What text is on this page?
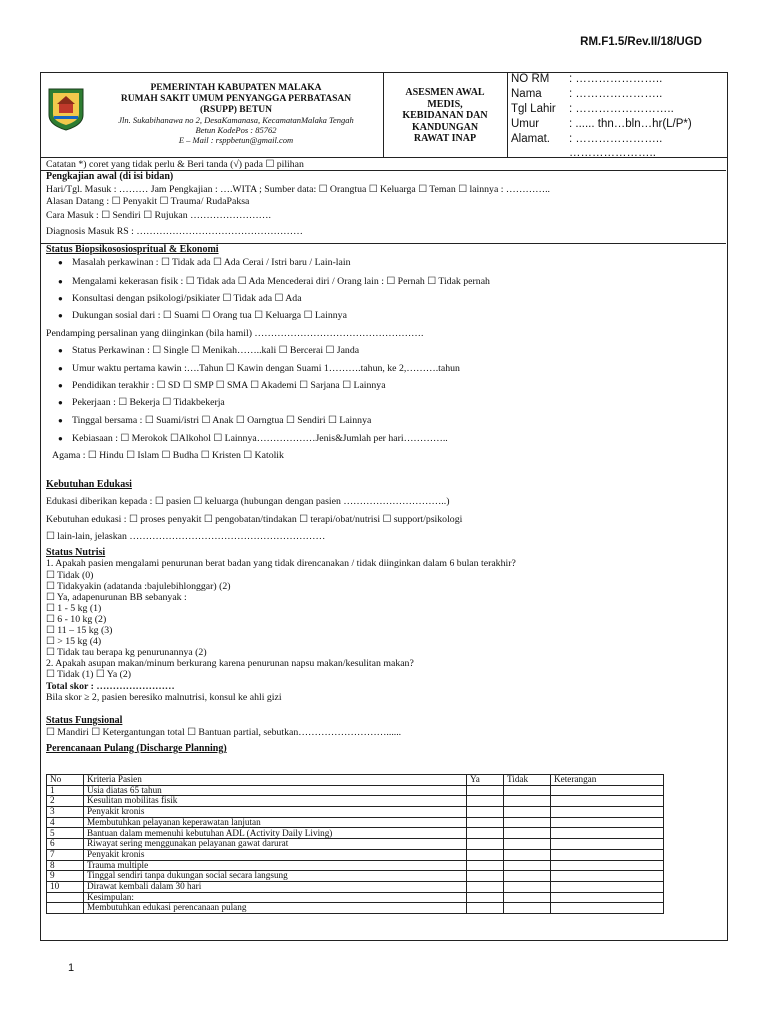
RM.F1.5/Rev.II/18/UGD
PEMERINTAH KABUPATEN MALAKA
RUMAH SAKIT UMUM PENYANGGA PERBATASAN
(RSUPP) BETUN
Jln. Sukabihanawa no 2, DesaKamanasa, KecamatanMalaka Tengah
Betun KodePos : 85762
E – Mail : rsppbetun@gmail.com
ASESMEN AWAL
MEDIS,
KEBIDANAN DAN
KANDUNGAN
RAWAT INAP
NO RM : …………………..
Nama : …………………..
Tgl Lahir : ……………………..
Umur	: ...... thn…bln…hr(L/P*)
Alamat. : …………………..
…………………..
Catatan *) coret yang tidak perlu & Beri tanda (√) pada ☐ pilihan
Pengkajian awal (di isi bidan)
Hari/Tgl. Masuk : ……… Jam Pengkajian : ….WITA ; Sumber data: ☐ Orangtua ☐ Keluarga ☐ Teman ☐ lainnya : …………..
Alasan Datang : ☐ Penyakit ☐ Trauma/ RudaPaksa
Cara Masuk : ☐ Sendiri ☐ Rujukan …………………….
Diagnosis Masuk RS : ……………………………………………
Status Biopsikososiospritual & Ekonomi
● Masalah perkawinan : ☐ Tidak ada ☐ Ada Cerai / Istri baru / Lain-lain
● Mengalami kekerasan fisik : ☐ Tidak ada ☐ Ada Mencederai diri / Orang lain : ☐ Pernah ☐ Tidak pernah
● Konsultasi dengan psikologi/psikiater ☐ Tidak ada ☐ Ada
● Dukungan sosial dari : ☐ Suami ☐ Orang tua ☐ Keluarga ☐ Lainnya
Pendamping persalinan yang diinginkan (bila hamil) …………………………………………….
● Status Perkawinan : ☐ Single ☐ Menikah……..kali ☐ Bercerai ☐ Janda
● Umur waktu pertama kawin :….Tahun ☐ Kawin dengan Suami 1……….tahun, ke 2,……….tahun
● Pendidikan terakhir : ☐ SD ☐ SMP ☐ SMA ☐ Akademi ☐ Sarjana ☐ Lainnya
● Pekerjaan : ☐ Bekerja ☐ Tidakbekerja
● Tinggal bersama : ☐ Suami/istri ☐ Anak ☐ Oarngtua ☐ Sendiri ☐ Lainnya
● Kebiasaan : ☐ Merokok ☐Alkohol ☐ Lainnya………………Jenis&Jumlah per hari…………..
Agama : ☐ Hindu ☐ Islam ☐ Budha ☐ Kristen ☐ Katolik
Kebutuhan Edukasi
Edukasi diberikan kepada : ☐ pasien ☐ keluarga (hubungan dengan pasien …………………………..)
Kebutuhan edukasi : ☐ proses penyakit ☐ pengobatan/tindakan ☐ terapi/obat/nutrisi ☐ support/psikologi
☐ lain-lain, jelaskan ……………………………………………………
Status Nutrisi
1. Apakah pasien mengalami penurunan berat badan yang tidak direncanakan / tidak diinginkan dalam 6 bulan terakhir?
☐ Tidak (0)
☐ Tidakyakin (adatanda :bajulebihlonggar) (2)
☐ Ya, adapenurunan BB sebanyak :
☐ 1 - 5 kg (1)
☐ 6 - 10 kg (2)
☐ 11 – 15 kg (3)
☐ > 15 kg (4)
☐ Tidak tau berapa kg penurunannya (2)
2. Apakah asupan makan/minum berkurang karena penurunan napsu makan/kesulitan makan?
☐ Tidak (1) ☐ Ya (2)
Total skor : ……………………
Bila skor ≥ 2, pasien beresiko malnutrisi, konsul ke ahli gizi
Status Fungsional
☐ Mandiri ☐ Ketergantungan total ☐ Bantuan partial, sebutkan………………………......
Perencanaan Pulang (Discharge Planning)
No	Kriteria Pasien	Ya	Tidak	Keterangan
1	Usia diatas 65 tahun			
2	Kesulitan mobilitas fisik			
3	Penyakit kronis			
4	Membutuhkan pelayanan keperawatan lanjutan			
5	Bantuan dalam memenuhi kebutuhan ADL (Activity Daily Living)			
6	Riwayat sering menggunakan pelayanan gawat darurat			
7	Penyakit kronis			
8	Trauma multiple			
9	Tinggal sendiri tanpa dukungan social secara langsung			
10	Dirawat kembali dalam 30 hari			
	Kesimpulan:			
	Membutuhkan edukasi perencanaan pulang			
1
